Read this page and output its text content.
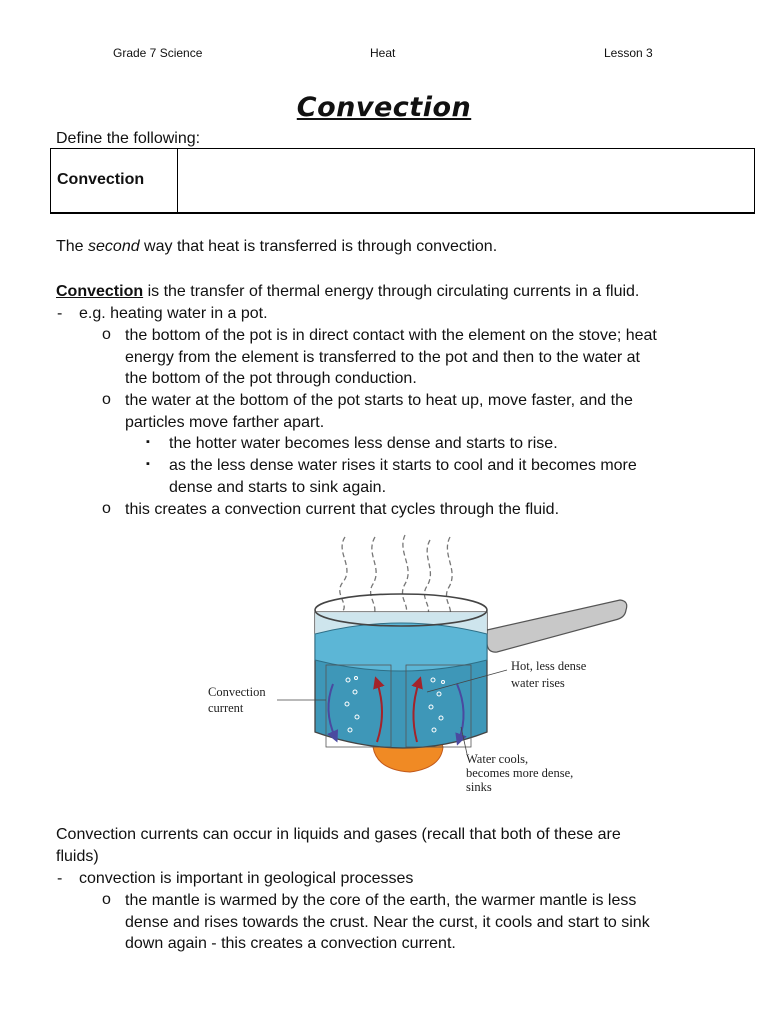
Grade 7 Science	Heat	Lesson 3
Convection
Define the following:
Convection
The second way that heat is transferred is through convection.
Convection is the transfer of thermal energy through circulating currents in a fluid.
- e.g. heating water in a pot.
o the bottom of the pot is in direct contact with the element on the stove; heat
energy from the element is transferred to the pot and then to the water at
the bottom of the pot through conduction.
o the water at the bottom of the pot starts to heat up, move faster, and the
particles move farther apart.
▪ the hotter water becomes less dense and starts to rise.
▪ as the less dense water rises it starts to cool and it becomes more
dense and starts to sink again.
o this creates a convection current that cycles through the fluid.
Convection
current
Hot, less dense
water rises
Water cools,
becomes more dense,
sinks
Convection currents can occur in liquids and gases (recall that both of these are
fluids)
- convection is important in geological processes
o the mantle is warmed by the core of the earth, the warmer mantle is less
dense and rises towards the crust. Near the curst, it cools and start to sink
down again - this creates a convection current.
